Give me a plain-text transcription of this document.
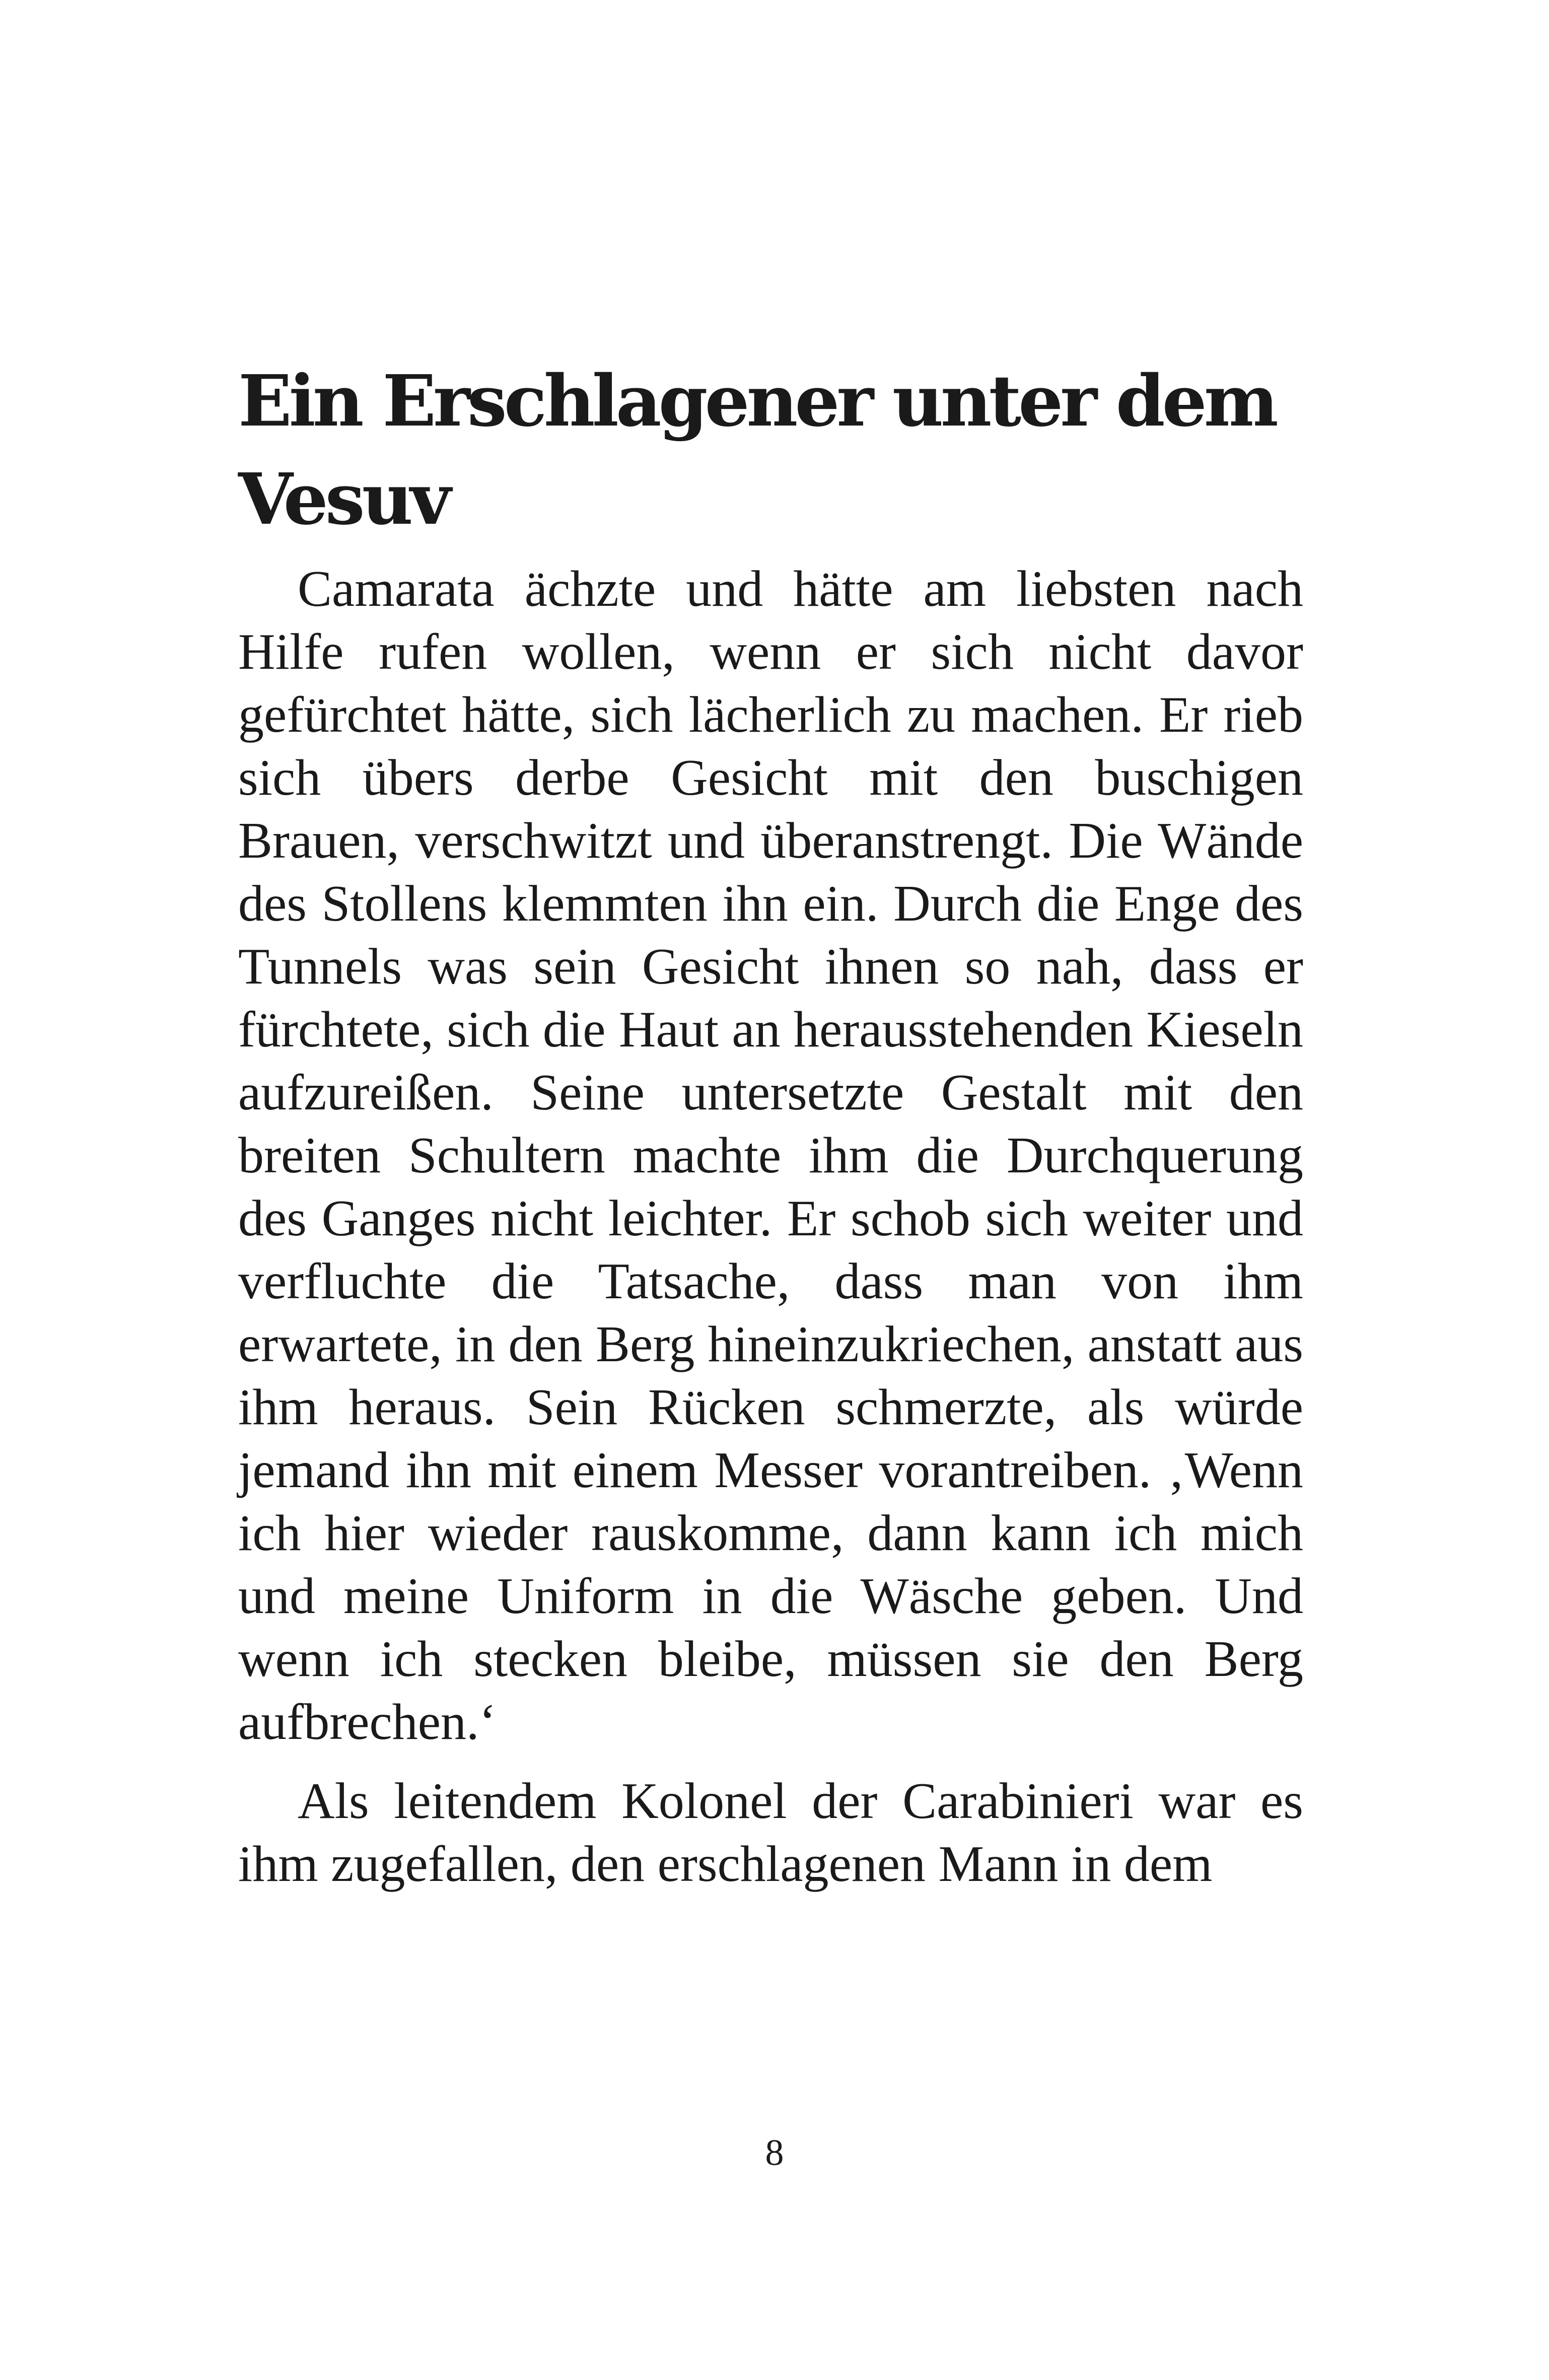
Ein Erschlagener unter dem Vesuv

Camarata ächzte und hätte am liebsten nach Hilfe rufen wollen, wenn er sich nicht davor gefürchtet hätte, sich lächerlich zu machen. Er rieb sich übers derbe Gesicht mit den buschigen Brauen, verschwitzt und überanstrengt. Die Wände des Stollens klemmten ihn ein. Durch die Enge des Tunnels was sein Gesicht ihnen so nah, dass er fürchtete, sich die Haut an herausstehenden Kieseln aufzureißen. Seine untersetzte Gestalt mit den breiten Schultern machte ihm die Durchquerung des Ganges nicht leichter. Er schob sich weiter und verfluchte die Tatsache, dass man von ihm erwartete, in den Berg hineinzukriechen, anstatt aus ihm heraus. Sein Rücken schmerzte, als würde jemand ihn mit einem Messer vorantreiben. ‚Wenn ich hier wieder rauskomme, dann kann ich mich und meine Uniform in die Wäsche geben. Und wenn ich stecken bleibe, müssen sie den Berg aufbrechen.‘

Als leitendem Kolonel der Carabinieri war es ihm zugefallen, den erschlagenen Mann in dem

8
